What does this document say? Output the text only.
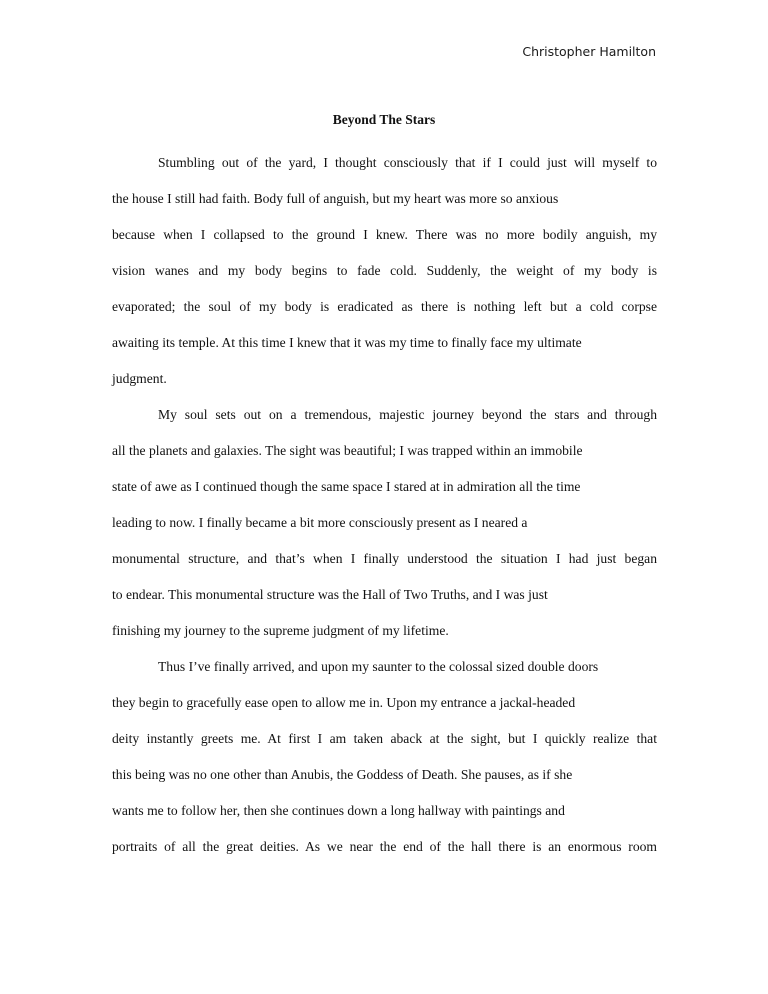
Christopher Hamilton
Beyond The Stars
Stumbling out of the yard, I thought consciously that if I could just will myself to
the house I still had faith. Body full of anguish, but my heart was more so anxious
because when I collapsed to the ground I knew. There was no more bodily anguish, my
vision wanes and my body begins to fade cold. Suddenly, the weight of my body is
evaporated; the soul of my body is eradicated as there is nothing left but a cold corpse
awaiting its temple. At this time I knew that it was my time to finally face my ultimate
judgment.
My soul sets out on a tremendous, majestic journey beyond the stars and through
all the planets and galaxies. The sight was beautiful; I was trapped within an immobile
state of awe as I continued though the same space I stared at in admiration all the time
leading to now. I finally became a bit more consciously present as I neared a
monumental structure, and that’s when I finally understood the situation I had just began
to endear. This monumental structure was the Hall of Two Truths, and I was just
finishing my journey to the supreme judgment of my lifetime.
Thus I’ve finally arrived, and upon my saunter to the colossal sized double doors
they begin to gracefully ease open to allow me in. Upon my entrance a jackal-headed
deity instantly greets me. At first I am taken aback at the sight, but I quickly realize that
this being was no one other than Anubis, the Goddess of Death. She pauses, as if she
wants me to follow her, then she continues down a long hallway with paintings and
portraits of all the great deities. As we near the end of the hall there is an enormous room
